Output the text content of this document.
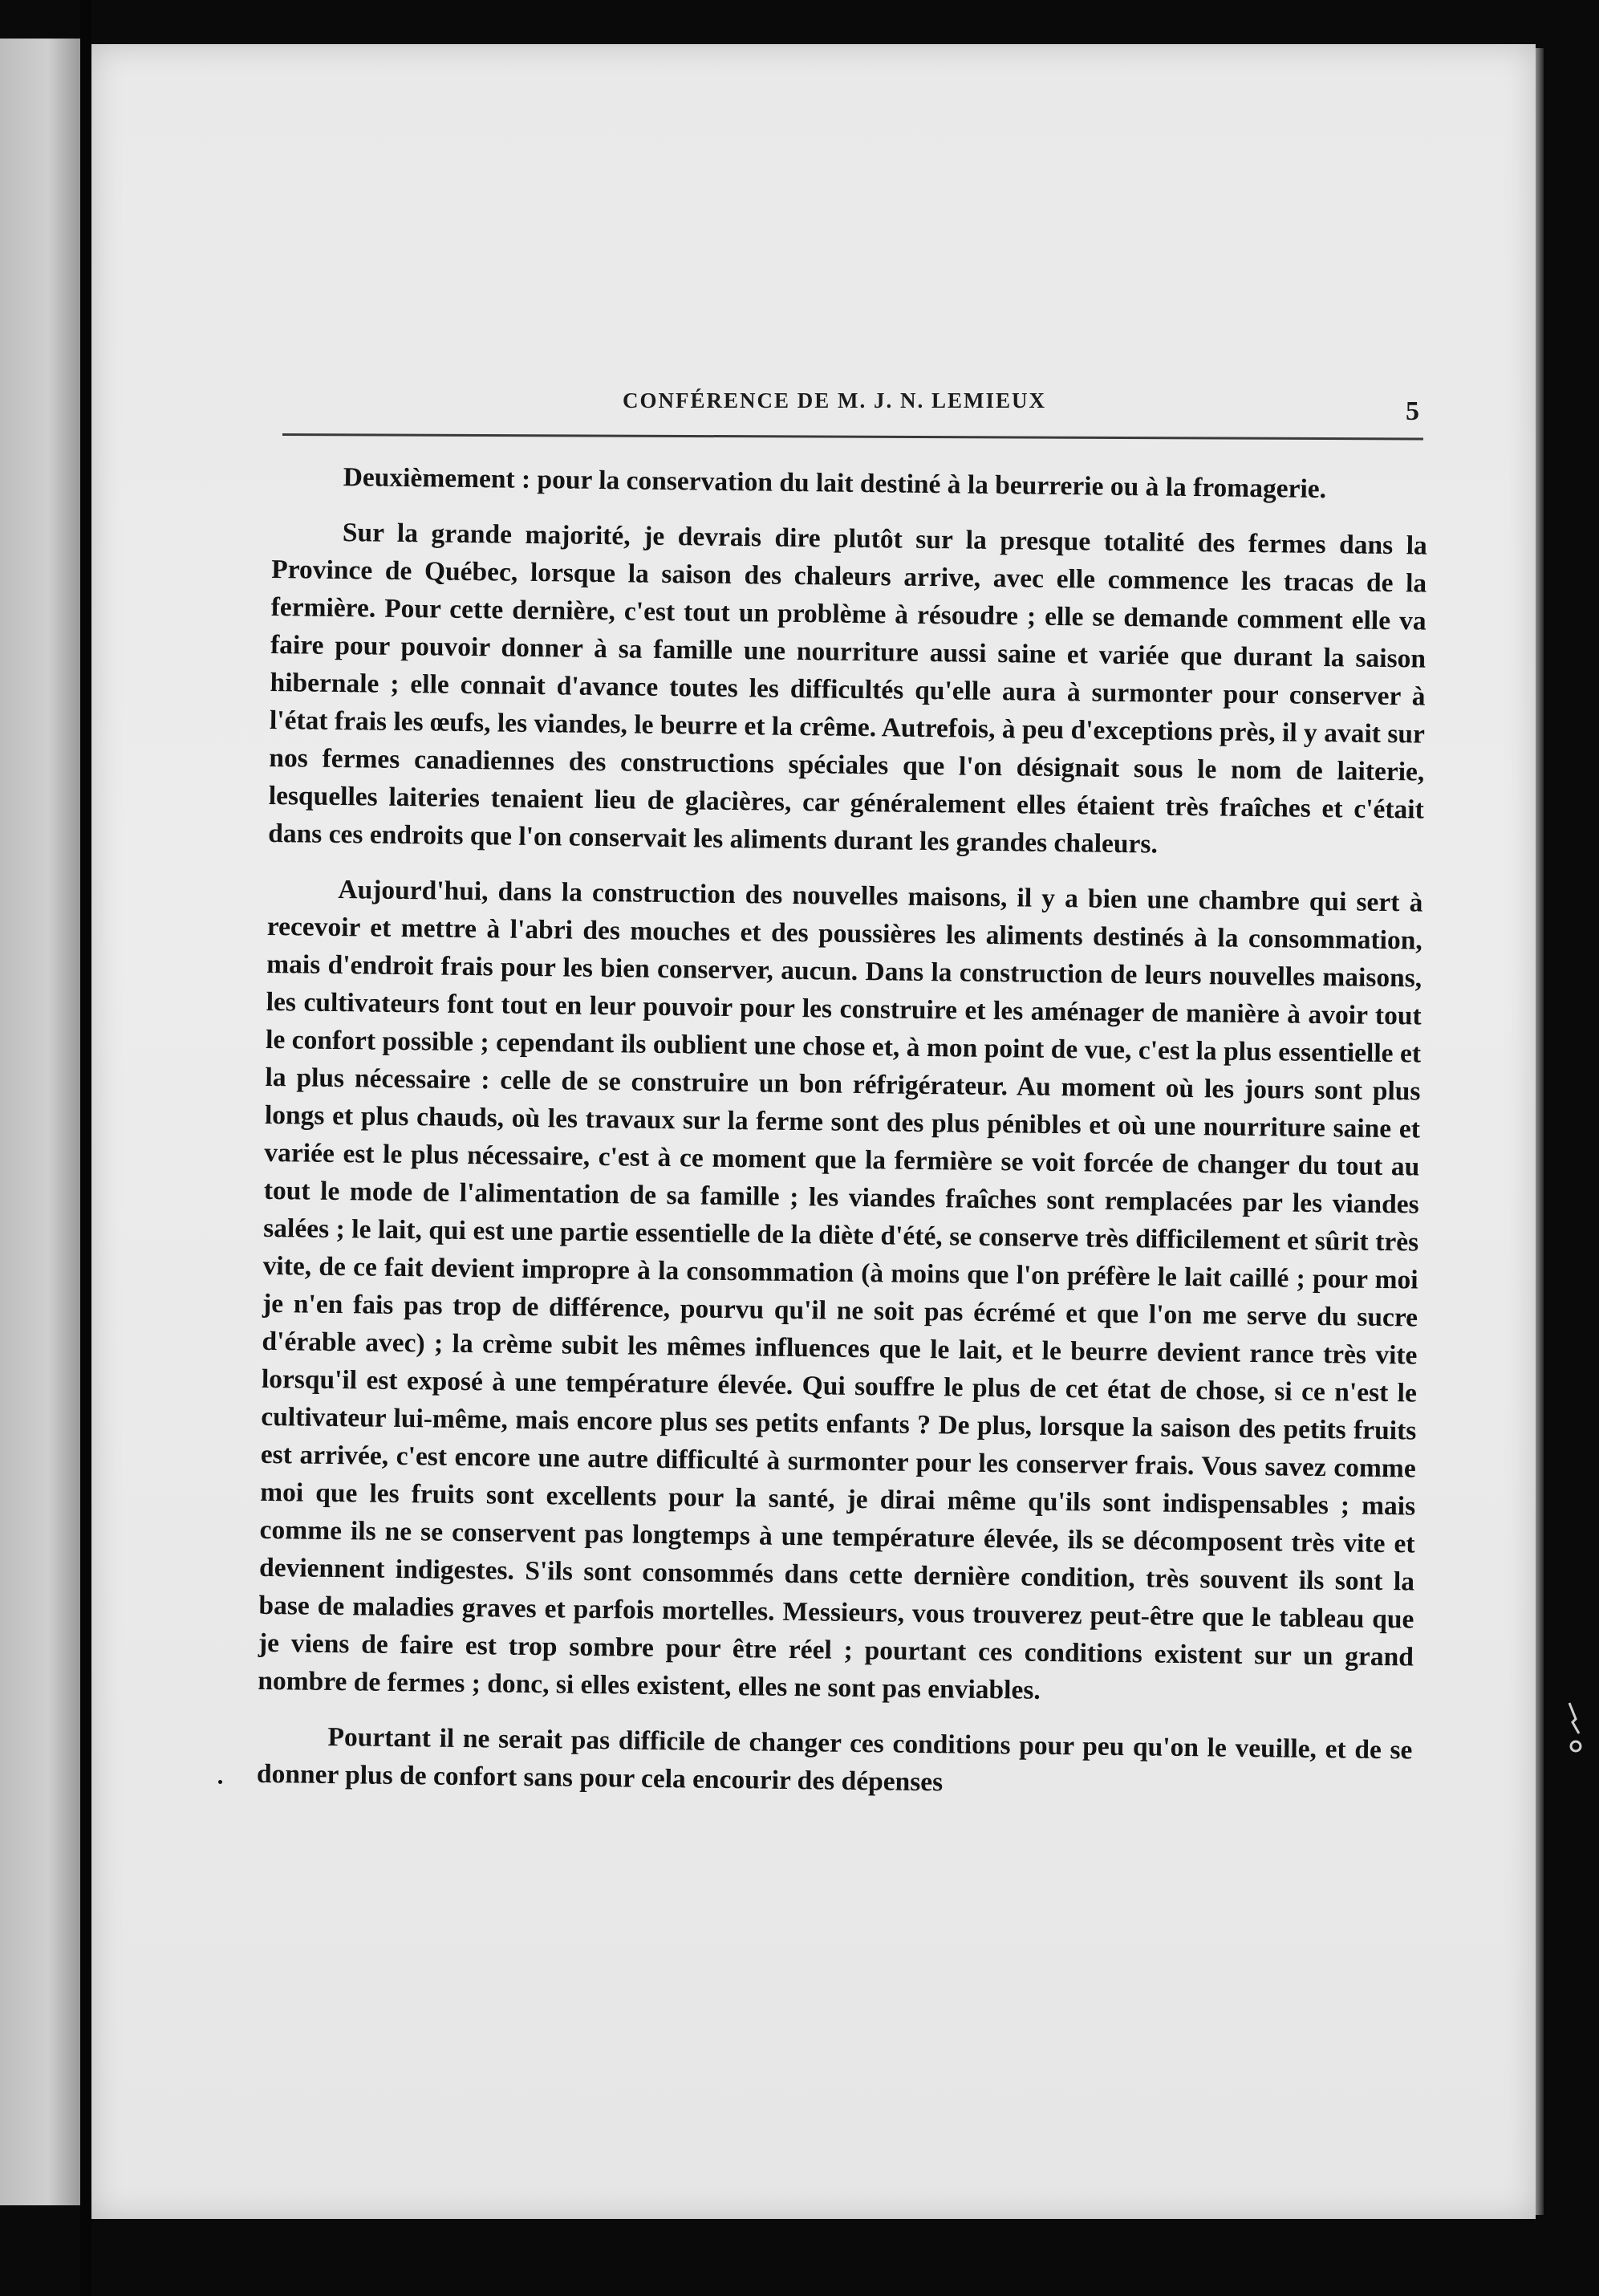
CONFÉRENCE DE M. J. N. LEMIEUX	5

Deuxièmement : pour la conservation du lait destiné à la beurrerie ou à la fromagerie.

Sur la grande majorité, je devrais dire plutôt sur la presque totalité des fermes dans la Province de Québec, lorsque la saison des chaleurs arrive, avec elle commence les tracas de la fermière. Pour cette dernière, c'est tout un problème à résoudre ; elle se demande comment elle va faire pour pouvoir donner à sa famille une nourriture aussi saine et variée que durant la saison hibernale ; elle connait d'avance toutes les difficultés qu'elle aura à surmonter pour conserver à l'état frais les œufs, les viandes, le beurre et la crême. Autrefois, à peu d'exceptions près, il y avait sur nos fermes canadiennes des constructions spéciales que l'on désignait sous le nom de laiterie, lesquelles laiteries tenaient lieu de glacières, car généralement elles étaient très fraîches et c'était dans ces endroits que l'on conservait les aliments durant les grandes chaleurs.

Aujourd'hui, dans la construction des nouvelles maisons, il y a bien une chambre qui sert à recevoir et mettre à l'abri des mouches et des poussières les aliments destinés à la consommation, mais d'endroit frais pour les bien conserver, aucun. Dans la construction de leurs nouvelles maisons, les cultivateurs font tout en leur pouvoir pour les construire et les aménager de manière à avoir tout le confort possible ; cependant ils oublient une chose et, à mon point de vue, c'est la plus essentielle et la plus nécessaire : celle de se construire un bon réfrigérateur. Au moment où les jours sont plus longs et plus chauds, où les travaux sur la ferme sont des plus pénibles et où une nourriture saine et variée est le plus nécessaire, c'est à ce moment que la fermière se voit forcée de changer du tout au tout le mode de l'alimentation de sa famille ; les viandes fraîches sont remplacées par les viandes salées ; le lait, qui est une partie essentielle de la diète d'été, se conserve très difficilement et sûrit très vite, de ce fait devient impropre à la consommation (à moins que l'on préfère le lait caillé ; pour moi je n'en fais pas trop de différence, pourvu qu'il ne soit pas écrémé et que l'on me serve du sucre d'érable avec) ; la crème subit les mêmes influences que le lait, et le beurre devient rance très vite lorsqu'il est exposé à une température élevée. Qui souffre le plus de cet état de chose, si ce n'est le cultivateur lui-même, mais encore plus ses petits enfants ? De plus, lorsque la saison des petits fruits est arrivée, c'est encore une autre difficulté à surmonter pour les conserver frais. Vous savez comme moi que les fruits sont excellents pour la santé, je dirai même qu'ils sont indispensables ; mais comme ils ne se conservent pas longtemps à une température élevée, ils se décomposent très vite et deviennent indigestes. S'ils sont consommés dans cette dernière condition, très souvent ils sont la base de maladies graves et parfois mortelles. Messieurs, vous trouverez peut-être que le tableau que je viens de faire est trop sombre pour être réel ; pourtant ces conditions existent sur un grand nombre de fermes ; donc, si elles existent, elles ne sont pas enviables.

Pourtant il ne serait pas difficile de changer ces conditions pour peu qu'on le veuille, et de se donner plus de confort sans pour cela encourir des dépenses
